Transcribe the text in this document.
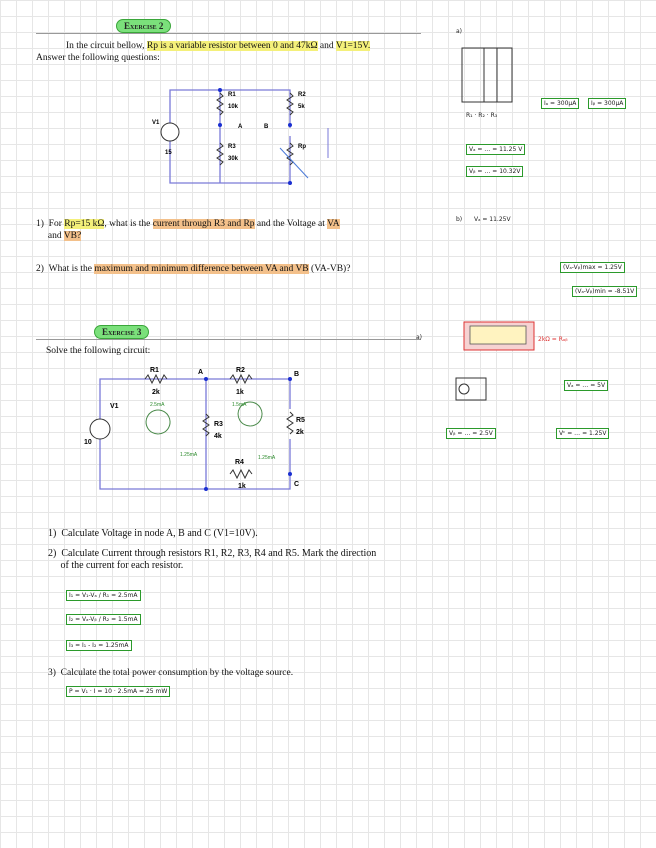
Exercise 2
In the circuit bellow, Rp is a variable resistor between 0 and 47kΩ and V1=15V.
Answer the following questions:
V1
15
R1
10k
R2
5k
R3
30k
Rp
A	B
1) For Rp=15 kΩ, what is the current through R3 and Rp and the Voltage at VA
and VB?
2) What is the maximum and minimum difference between VA and VB (VA-VB)?
Exercise 3
Solve the following circuit:
V1
10
R1
2k
R2
1k
R3
4k
R5
2k
R4
1k
A	B
C
2.5mA	1.5mA
1.25mA	1.25mA
1) Calculate Voltage in node A, B and C (V1=10V).
2) Calculate Current through resistors R1, R2, R3, R4 and R5. Mark the direction
of the current for each resistor.
I₁ = V₁-Vₐ / R₁ = 2.5mA
I₂ = Vₐ-Vᵦ / R₂ = 1.5mA
I₃ = I₁ - I₂ = 1.25mA
3) Calculate the total power consumption by the voltage source.
P = V₁ · I = 10 · 2.5mA = 25 mW
a)
R₁ · R₂ · R₃
Iₐ = 300μA	Iᵦ = 300μA
Vₐ = … = 11.25 V
Vᵦ = … = 10.32V
b) Vₐ = 11.25V
(Vₐ-Vᵦ)max = 1.25V
(Vₐ-Vᵦ)min = -8.51V
a)	2kΩ = Rₐᵦ
Vₐ = … = 5V
Vᵦ = … = 2.5V	Vᶜ = … = 1.25V
